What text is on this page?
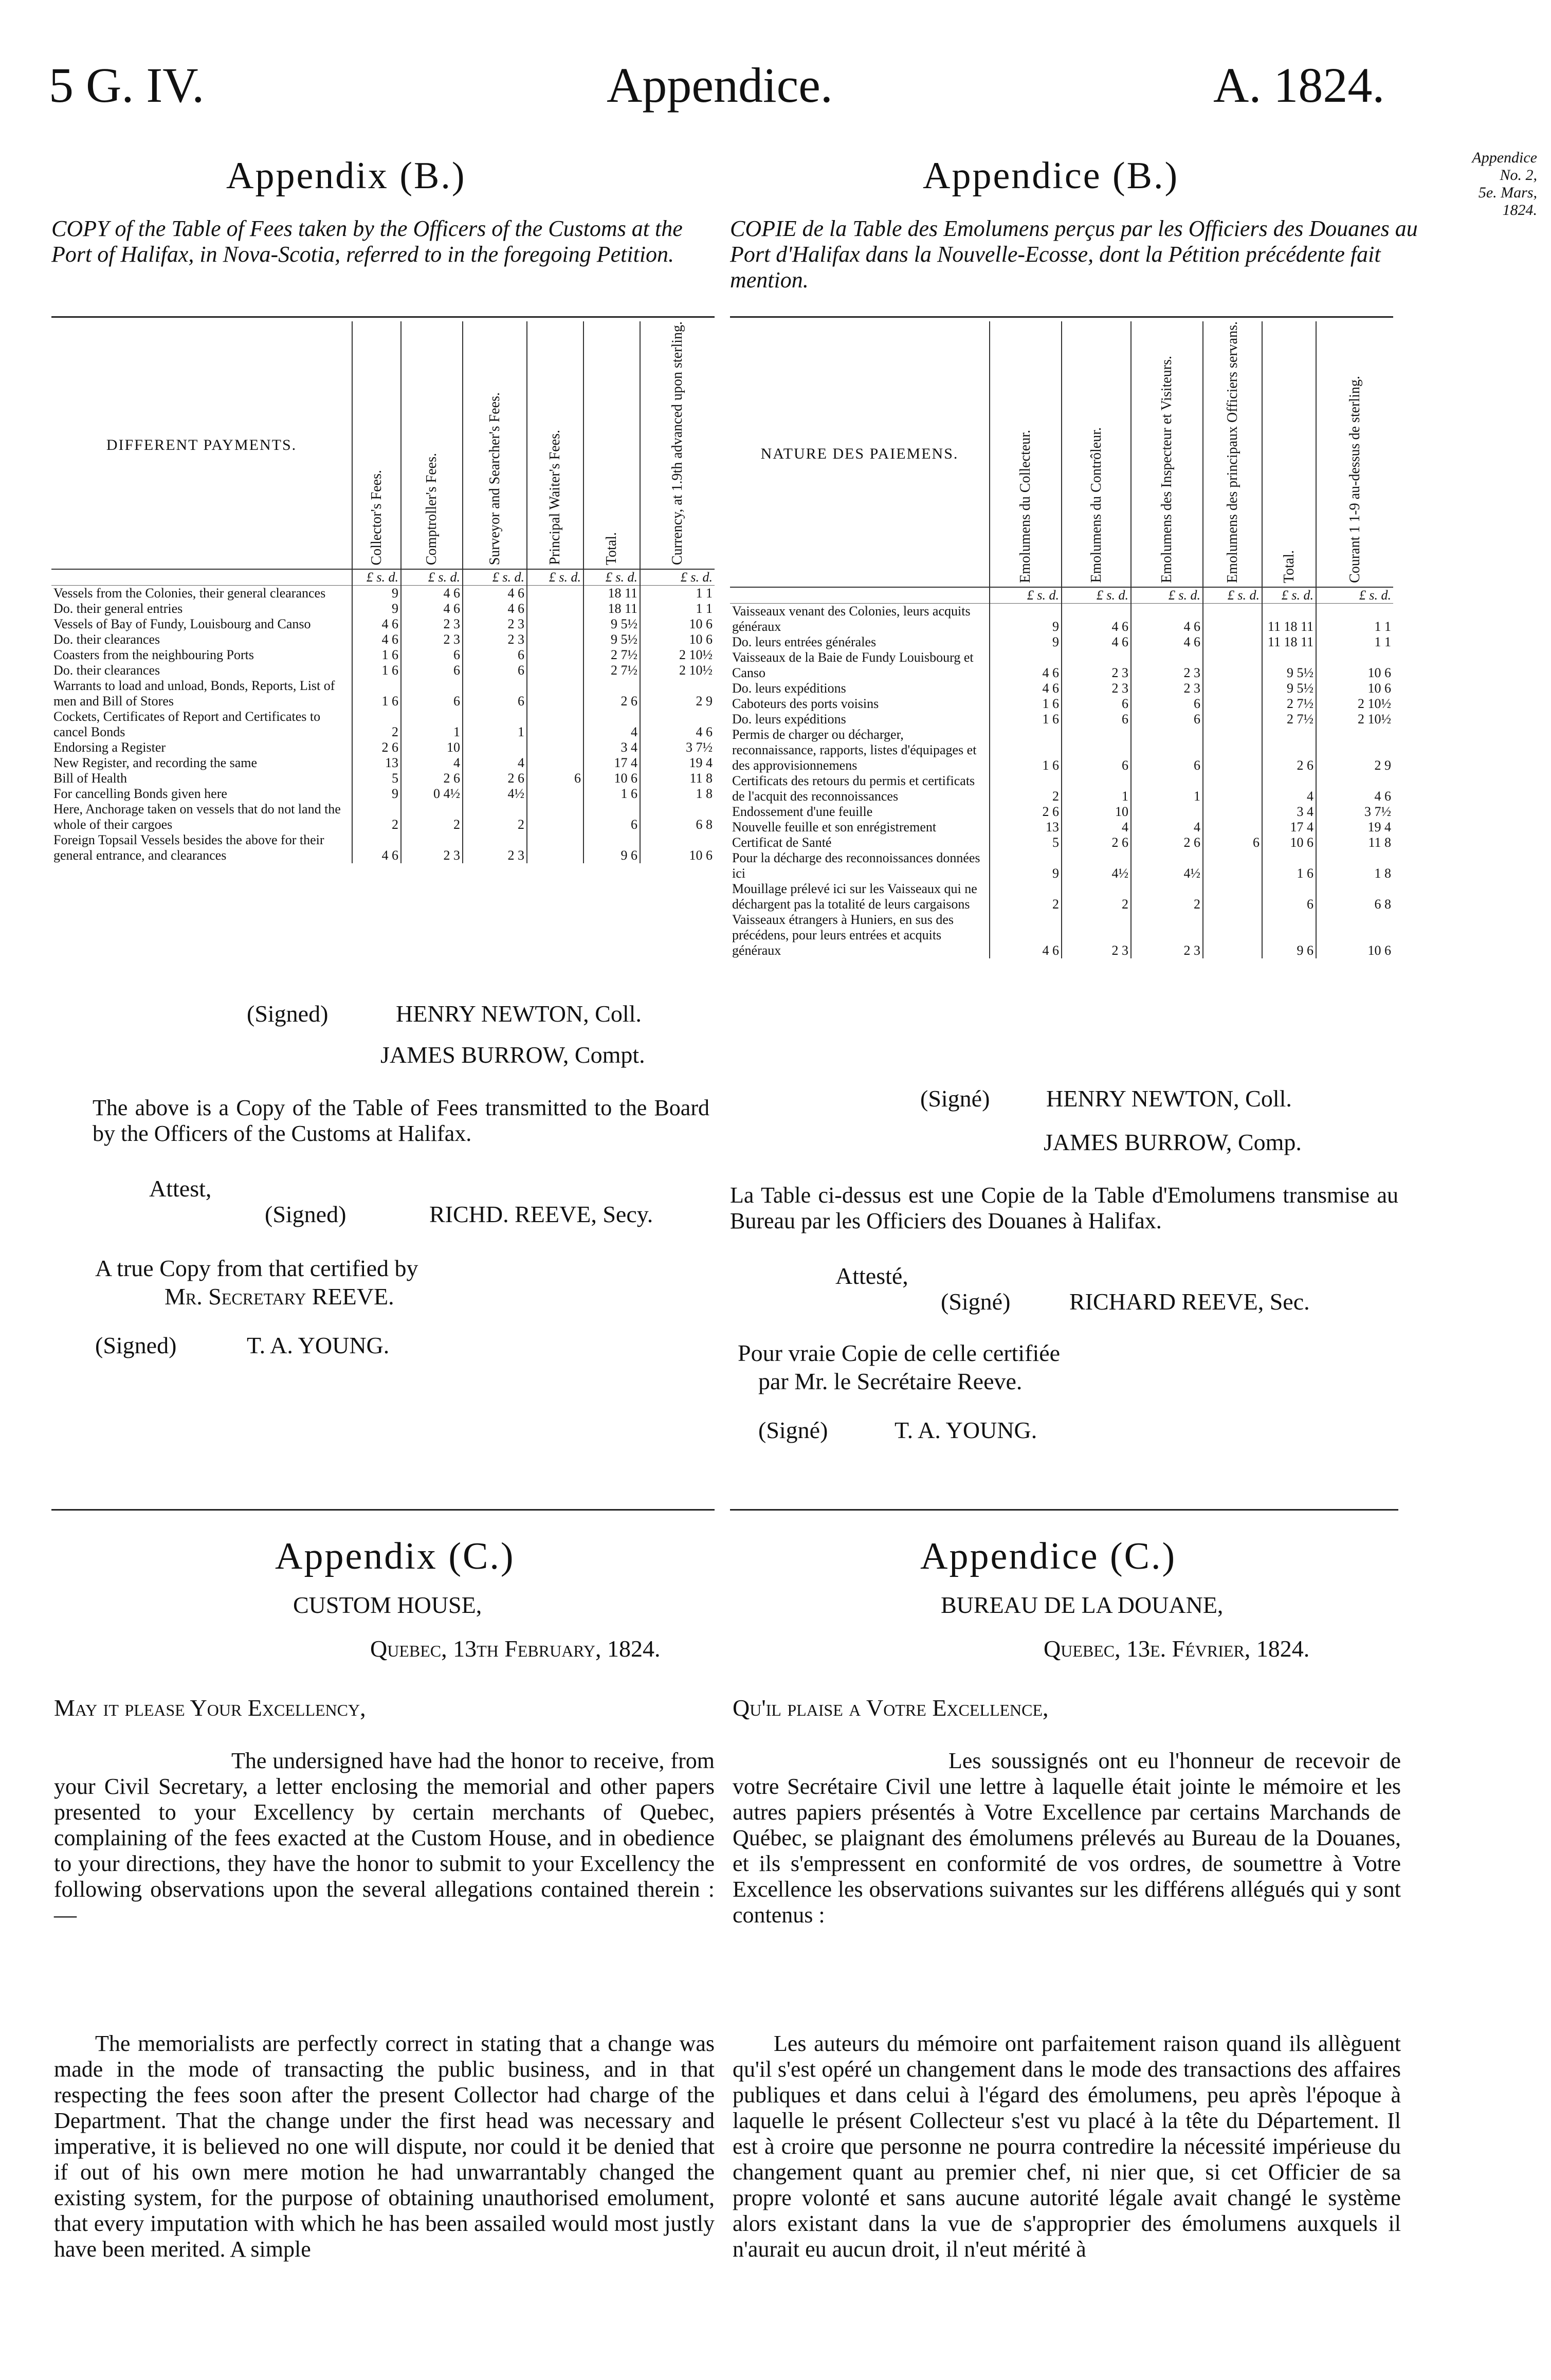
5 G. IV.	Appendice.	A. 1824.
Appendice
No. 2,
5e. Mars,
1824.
Appendix (B.)
COPY of the Table of Fees taken by the Officers of the Customs at the Port of Halifax, in Nova-Scotia, referred to in the foregoing Petition.
DIFFERENT PAYMENTS.	Collector's Fees.	Comptroller's Fees.	Surveyor and Searcher's Fees.	Principal Waiter's Fees.	Total.	Currency, at 1.9th advanced upon sterling.
	£ s. d.	£ s. d.	£ s. d.	£ s. d.	£ s. d.	£ s. d.
Vessels from the Colonies, their general clearances	9	4 6	4 6		18 11	1 1
Do. their general entries	9	4 6	4 6		18 11	1 1
Vessels of Bay of Fundy, Louisbourg and Canso	4 6	2 3	2 3		9 5½	10 6
Do. their clearances	4 6	2 3	2 3		9 5½	10 6
Coasters from the neighbouring Ports	1 6	6	6		2 7½	2 10½
Do. their clearances	1 6	6	6		2 7½	2 10½
Warrants to load and unload, Bonds, Reports, List of men and Bill of Stores	1 6	6	6		2 6	2 9
Cockets, Certificates of Report and Certificates to cancel Bonds	2	1	1		4	4 6
Endorsing a Register	2 6	10			3 4	3 7½
New Register, and recording the same	13	4	4		17 4	19 4
Bill of Health	5	2 6	2 6	6	10 6	11 8
For cancelling Bonds given here	9	0 4½	4½		1 6	1 8
Here, Anchorage taken on vessels that do not land the whole of their cargoes	2	2	2		6	6 8
Foreign Topsail Vessels besides the above for their general entrance, and clearances	4 6	2 3	2 3		9 6	10 6
(Signed)	HENRY NEWTON, Coll.
JAMES BURROW, Compt.
The above is a Copy of the Table of Fees transmitted to the Board by the Officers of the Customs at Halifax.
Attest,
(Signed)	RICHD. REEVE, Secy.
A true Copy from that certified by
Mr. Secretary REEVE.
(Signed)	T. A. YOUNG.
Appendice (B.)
COPIE de la Table des Emolumens perçus par les Officiers des Douanes au Port d'Halifax dans la Nouvelle-Ecosse, dont la Pétition précédente fait mention.
NATURE DES PAIEMENS.	Emolumens du Collecteur.	Emolumens du Contrôleur.	Emolumens des Inspecteur et Visiteurs.	Emolumens des principaux Officiers servans.	Total.	Courant 1 1-9 au-dessus de sterling.
	£ s. d.	£ s. d.	£ s. d.	£ s. d.	£ s. d.	£ s. d.
Vaisseaux venant des Colonies, leurs acquits généraux	9	4 6	4 6		11 18 11	1 1
Do. leurs entrées générales	9	4 6	4 6		11 18 11	1 1
Vaisseaux de la Baie de Fundy Louisbourg et Canso	4 6	2 3	2 3		9 5½	10 6
Do. leurs expéditions	4 6	2 3	2 3		9 5½	10 6
Caboteurs des ports voisins	1 6	6	6		2 7½	2 10½
Do. leurs expéditions	1 6	6	6		2 7½	2 10½
Permis de charger ou décharger, reconnaissance, rapports, listes d'équipages et des approvisionnemens	1 6	6	6		2 6	2 9
Certificats des retours du permis et certificats de l'acquit des reconnoissances	2	1	1		4	4 6
Endossement d'une feuille	2 6	10			3 4	3 7½
Nouvelle feuille et son enrégistrement	13	4	4		17 4	19 4
Certificat de Santé	5	2 6	2 6	6	10 6	11 8
Pour la décharge des reconnoissances données ici	9	4½	4½		1 6	1 8
Mouillage prélevé ici sur les Vaisseaux qui ne déchargent pas la totalité de leurs cargaisons	2	2	2		6	6 8
Vaisseaux étrangers à Huniers, en sus des précédens, pour leurs entrées et acquits généraux	4 6	2 3	2 3		9 6	10 6
(Signé) HENRY NEWTON, Coll.
JAMES BURROW, Comp.
La Table ci-dessus est une Copie de la Table d'Emolumens transmise au Bureau par les Officiers des Douanes à Halifax.
Attesté,
(Signé) RICHARD REEVE, Sec.
Pour vraie Copie de celle certifiée
par Mr. le Secrétaire Reeve.
(Signé)	T. A. YOUNG.
Appendix (C.)
CUSTOM HOUSE,
Quebec, 13th February, 1824.
May it please Your Excellency,
The undersigned have had the honor to receive, from your Civil Secretary, a letter enclosing the memorial and other papers presented to your Excellency by certain merchants of Quebec, complaining of the fees exacted at the Custom House, and in obedience to your directions, they have the honor to submit to your Excellency the following observations upon the several allegations contained therein :—
The memorialists are perfectly correct in stating that a change was made in the mode of transacting the public business, and in that respecting the fees soon after the present Collector had charge of the Department. That the change under the first head was necessary and imperative, it is believed no one will dispute, nor could it be denied that if out of his own mere motion he had unwarrantably changed the existing system, for the purpose of obtaining unauthorised emolument, that every imputation with which he has been assailed would most justly have been merited. A simple
Appendice (C.)
BUREAU DE LA DOUANE,
Quebec, 13e. Février, 1824.
Qu'il plaise a Votre Excellence,
Les soussignés ont eu l'honneur de recevoir de votre Secrétaire Civil une lettre à laquelle était jointe le mémoire et les autres papiers présentés à Votre Excellence par certains Marchands de Québec, se plaignant des émolumens prélevés au Bureau de la Douanes, et ils s'empressent en conformité de vos ordres, de soumettre à Votre Excellence les observations suivantes sur les différens allégués qui y sont contenus :
Les auteurs du mémoire ont parfaitement raison quand ils allèguent qu'il s'est opéré un changement dans le mode des transactions des affaires publiques et dans celui à l'égard des émolumens, peu après l'époque à laquelle le présent Collecteur s'est vu placé à la tête du Département. Il est à croire que personne ne pourra contredire la nécessité impérieuse du changement quant au premier chef, ni nier que, si cet Officier de sa propre volonté et sans aucune autorité légale avait changé le système alors existant dans la vue de s'approprier des émolumens auxquels il n'aurait eu aucun droit, il n'eut mérité à
